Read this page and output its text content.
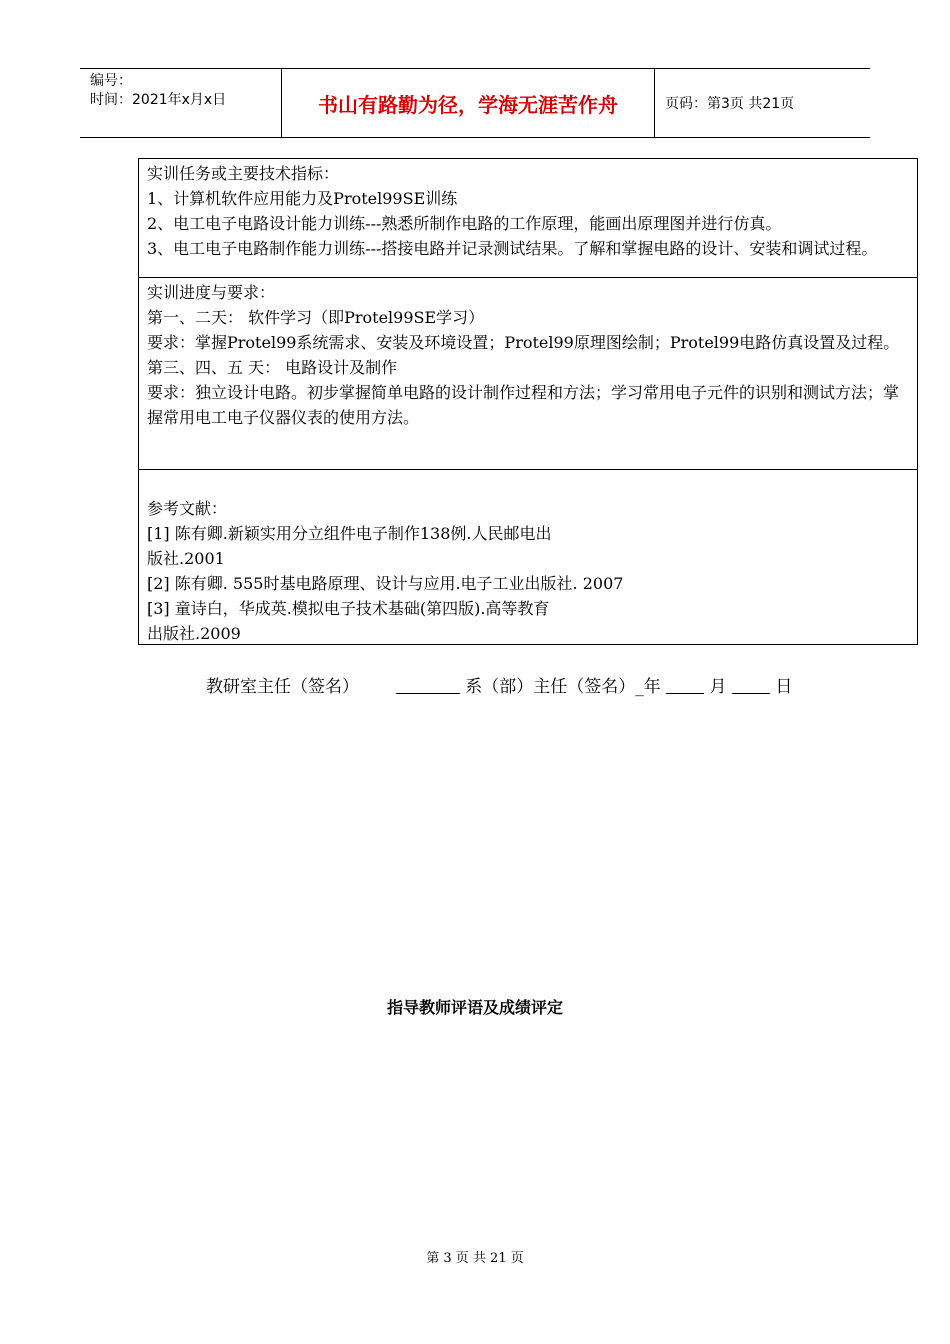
编号：
时间：2021年x月x日	书山有路勤为径，学海无涯苦作舟	页码：第3页 共21页

实训任务或主要技术指标：

1、计算机软件应用能力及Protel99SE训练

2、电工电子电路设计能力训练---熟悉所制作电路的工作原理，能画出原理图并进行仿真。

3、电工电子电路制作能力训练---搭接电路并记录测试结果。了解和掌握电路的设计、安装和调试过程。

实训进度与要求：

第一、二天： 软件学习（即Protel99SE学习）

要求：掌握Protel99系统需求、安装及环境设置；Protel99原理图绘制；Protel99电路仿真设置及过程。

第三、四、五 天： 电路设计及制作

要求：独立设计电路。初步掌握简单电路的设计制作过程和方法；学习常用电子元件的识别和测试方法；掌握常用电工电子仪器仪表的使用方法。

参考文献：

[1] 陈有卿.新颖实用分立组件电子制作138例.人民邮电出

版社.2001

[2] 陈有卿. 555时基电路原理、设计与应用.电子工业出版社. 2007

[3] 童诗白，华成英.模拟电子技术基础(第四版).高等教育

出版社.2009

教研室主任（签名）	系（部）主任（签名）_年	月	日
指导教师评语及成绩评定
第 3 页 共 21 页
